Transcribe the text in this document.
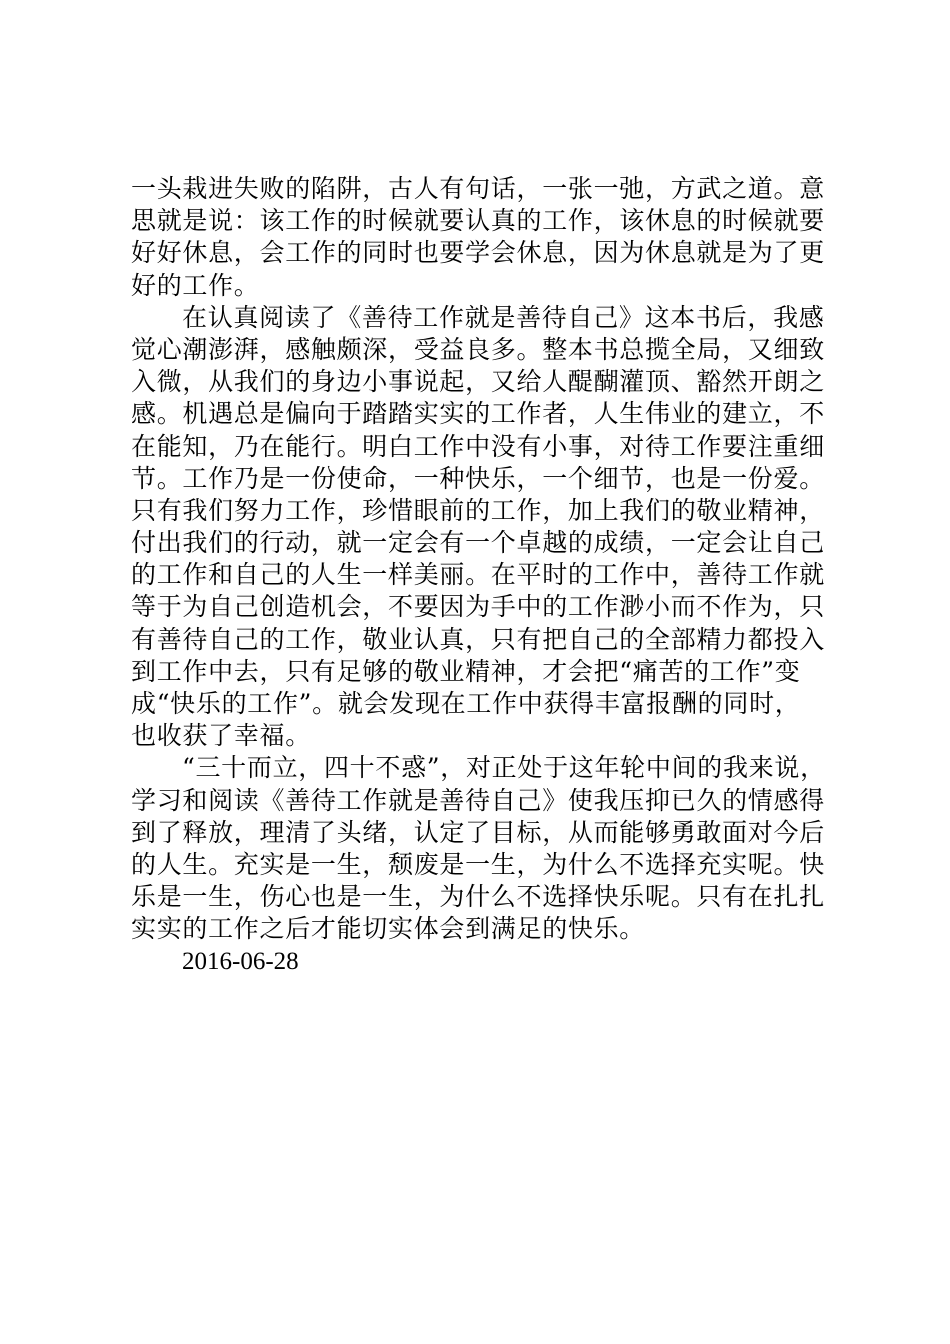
一头栽进失败的陷阱，古人有句话，一张一弛，方武之道。意
思就是说：该工作的时候就要认真的工作，该休息的时候就要
好好休息，会工作的同时也要学会休息，因为休息就是为了更
好的工作。
在认真阅读了《善待工作就是善待自己》这本书后，我感
觉心潮澎湃，感触颇深，受益良多。整本书总揽全局，又细致
入微，从我们的身边小事说起，又给人醍醐灌顶、豁然开朗之
感。机遇总是偏向于踏踏实实的工作者，人生伟业的建立，不
在能知，乃在能行。明白工作中没有小事，对待工作要注重细
节。工作乃是一份使命，一种快乐，一个细节，也是一份爱。
只有我们努力工作，珍惜眼前的工作，加上我们的敬业精神，
付出我们的行动，就一定会有一个卓越的成绩，一定会让自己
的工作和自己的人生一样美丽。在平时的工作中，善待工作就
等于为自己创造机会，不要因为手中的工作渺小而不作为，只
有善待自己的工作，敬业认真，只有把自己的全部精力都投入
到工作中去，只有足够的敬业精神，才会把“痛苦的工作”变
成“快乐的工作”。就会发现在工作中获得丰富报酬的同时，
也收获了幸福。
“三十而立，四十不惑”，对正处于这年轮中间的我来说，
学习和阅读《善待工作就是善待自己》使我压抑已久的情感得
到了释放，理清了头绪，认定了目标，从而能够勇敢面对今后
的人生。充实是一生，颓废是一生，为什么不选择充实呢。快
乐是一生，伤心也是一生，为什么不选择快乐呢。只有在扎扎
实实的工作之后才能切实体会到满足的快乐。
2016-06-28
